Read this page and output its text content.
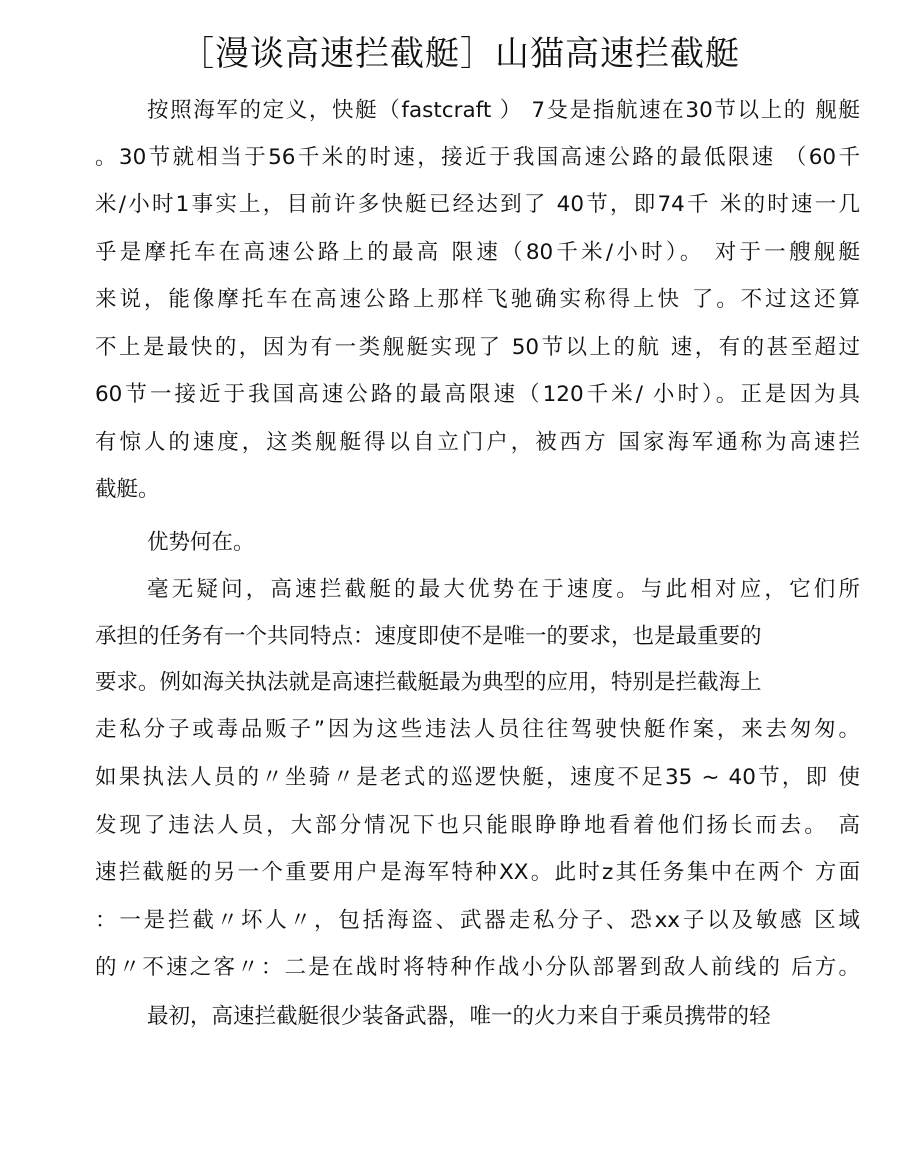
［漫谈高速拦截艇］山猫高速拦截艇
按照海军的定义，快艇（fastcraft ） 7殳是指航速在30节以上的 舰艇
。30节就相当于56千米的时速，接近于我国高速公路的最低限速 （60千
米/小时1事实上，目前许多快艇已经达到了 40节，即74千 米的时速一几
乎是摩托车在高速公路上的最高 限速（80千米/小时）。 对于一艘舰艇
来说，能像摩托车在高速公路上那样飞驰确实称得上快 了。不过这还算
不上是最快的，因为有一类舰艇实现了 50节以上的航 速，有的甚至超过
60节一接近于我国高速公路的最高限速（120千米/ 小时）。正是因为具
有惊人的速度，这类舰艇得以自立门户，被西方 国家海军通称为高速拦
截艇。
优势何在。
毫无疑问，高速拦截艇的最大优势在于速度。与此相对应，它们所
承担的任务有一个共同特点：速度即使不是唯一的要求，也是最重要的
要求。例如海关执法就是高速拦截艇最为典型的应用，特别是拦截海上
走私分子或毒品贩子”因为这些违法人员往往驾驶快艇作案，来去匆匆。
如果执法人员的〃坐骑〃是老式的巡逻快艇，速度不足35 ~ 40节，即 使
发现了违法人员，大部分情况下也只能眼睁睁地看着他们扬长而去。 高
速拦截艇的另一个重要用户是海军特种XX。此时z其任务集中在两个 方面
：一是拦截〃坏人〃，包括海盗、武器走私分子、恐xx子以及敏感 区域
的〃不速之客〃：二是在战时将特种作战小分队部署到敌人前线的 后方。
最初，高速拦截艇很少装备武器，唯一的火力来自于乘员携带的轻
